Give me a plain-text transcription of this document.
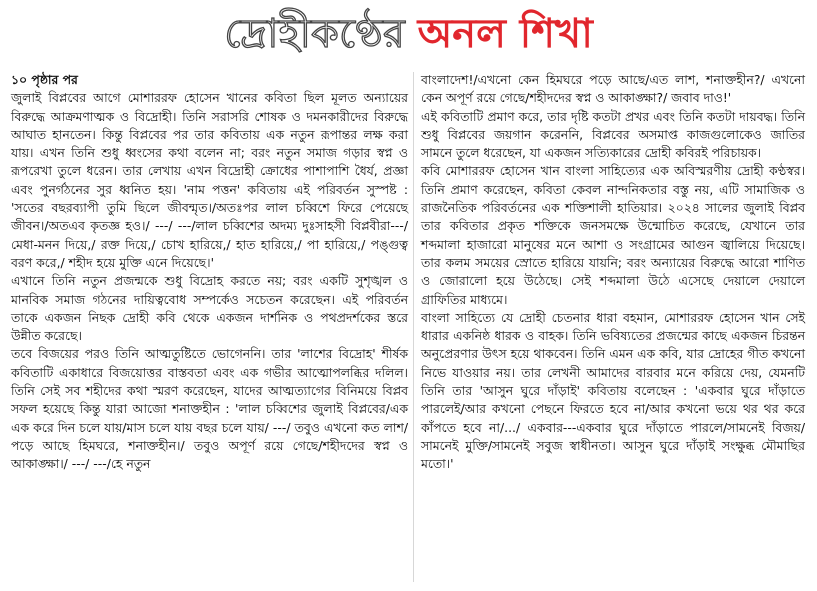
দ্রোহীকণ্ঠের অনল শিখা

১০ পৃষ্ঠার পর

জুলাই বিপ্লবের আগে মোশাররফ হোসেন খানের কবিতা ছিল মূলত অন্যায়ের বিরুদ্ধে আক্রমণাত্মক ও বিদ্রোহী। তিনি সরাসরি শোষক ও দমনকারীদের বিরুদ্ধে আঘাত হানতেন। কিন্তু বিপ্লবের পর তার কবিতায় এক নতুন রূপান্তর লক্ষ করা যায়। এখন তিনি শুধু ধ্বংসের কথা বলেন না; বরং নতুন সমাজ গড়ার স্বপ্ন ও রূপরেখা তুলে ধরেন। তার লেখায় এখন বিদ্রোহী ক্রোধের পাশাপাশি ধৈর্য, প্রজ্ঞা এবং পুনর্গঠনের সুর ধ্বনিত হয়। 'নাম পত্তন' কবিতায় এই পরিবর্তন সুস্পষ্ট : 'সতের বছরব্যাপী তুমি ছিলে জীবন্মৃত।/অতঃপর লাল চব্বিশে ফিরে পেয়েছে জীবন।/অতএব কৃতজ্ঞ হও।/ ---/ ---/লাল চব্বিশের অদম্য দুঃসাহসী বিপ্লবীরা---/মেধা-মনন দিয়ে,/ রক্ত দিয়ে,/ চোখ হারিয়ে,/ হাত হারিয়ে,/ পা হারিয়ে,/ পঙ্গুত্ব বরণ করে,/ শহীদ হয়ে মুক্তি এনে দিয়েছে।'

এখানে তিনি নতুন প্রজন্মকে শুধু বিদ্রোহ করতে নয়; বরং একটি সুশৃঙ্খল ও মানবিক সমাজ গঠনের দায়িত্ববোধ সম্পর্কেও সচেতন করেছেন। এই পরিবর্তন তাকে একজন নিছক দ্রোহী কবি থেকে একজন দার্শনিক ও পথপ্রদর্শকের স্তরে উন্নীত করেছে।

তবে বিজয়ের পরও তিনি আত্মতুষ্টিতে ভোগেননি। তার 'লাশের বিদ্রোহ' শীর্ষক কবিতাটি একাধারে বিজয়োত্তর বাস্তবতা এবং এক গভীর আত্মোপলব্ধির দলিল। তিনি সেই সব শহীদের কথা স্মরণ করেছেন, যাদের আত্মত্যাগের বিনিময়ে বিপ্লব সফল হয়েছে কিন্তু যারা আজো শনাক্তহীন : 'লাল চব্বিশের জুলাই বিপ্লবের/এক এক করে দিন চলে যায়/মাস চলে যায় বছর চলে যায়/ ---/ তবুও এখনো কত লাশ/পড়ে আছে হিমঘরে, শনাক্তহীন।/ তবুও অপূর্ণ রয়ে গেছে/শহীদদের স্বপ্ন ও আকাঙ্ক্ষা।/ ---/ ---/হে নতুন

বাংলাদেশ!/এখনো কেন হিমঘরে পড়ে আছে/এত লাশ, শনাক্তহীন?/ এখনো কেন অপূর্ণ রয়ে গেছে/শহীদদের স্বপ্ন ও আকাঙ্ক্ষা?/ জবাব দাও!'

এই কবিতাটি প্রমাণ করে, তার দৃষ্টি কতটা প্রখর এবং তিনি কতটা দায়বদ্ধ। তিনি শুধু বিপ্লবের জয়গান করেননি, বিপ্লবের অসমাপ্ত কাজগুলোকেও জাতির সামনে তুলে ধরেছেন, যা একজন সত্যিকারের দ্রোহী কবিরই পরিচায়ক।

কবি মোশাররফ হোসেন খান বাংলা সাহিত্যের এক অবিস্মরণীয় দ্রোহী কণ্ঠস্বর। তিনি প্রমাণ করেছেন, কবিতা কেবল নান্দনিকতার বস্তু নয়, এটি সামাজিক ও রাজনৈতিক পরিবর্তনের এক শক্তিশালী হাতিয়ার। ২০২৪ সালের জুলাই বিপ্লব তার কবিতার প্রকৃত শক্তিকে জনসমক্ষে উন্মোচিত করেছে, যেখানে তার শব্দমালা হাজারো মানুষের মনে আশা ও সংগ্রামের আগুন জ্বালিয়ে দিয়েছে। তার কলম সময়ের স্রোতে হারিয়ে যায়নি; বরং অন্যায়ের বিরুদ্ধে আরো শাণিত ও জোরালো হয়ে উঠেছে। সেই শব্দমালা উঠে এসেছে দেয়ালে দেয়ালে গ্রাফিতির মাধ্যমে।

বাংলা সাহিত্যে যে দ্রোহী চেতনার ধারা বহমান, মোশাররফ হোসেন খান সেই ধারার একনিষ্ঠ ধারক ও বাহক। তিনি ভবিষ্যতের প্রজন্মের কাছে একজন চিরন্তন অনুপ্রেরণার উৎস হয়ে থাকবেন। তিনি এমন এক কবি, যার দ্রোহের গীত কখনো নিভে যাওয়ার নয়। তার লেখনী আমাদের বারবার মনে করিয়ে দেয়, যেমনটি তিনি তার 'আসুন ঘুরে দাঁড়াই' কবিতায় বলেছেন : 'একবার ঘুরে দাঁড়াতে পারলেই/আর কখনো পেছনে ফিরতে হবে না/আর কখনো ভয়ে থর থর করে কাঁপতে হবে না/.../ একবার---একবার ঘুরে দাঁড়াতে পারলে/সামনেই বিজয়/সামনেই মুক্তি/সামনেই সবুজ স্বাধীনতা। আসুন ঘুরে দাঁড়াই সংক্ষুব্ধ মৌমাছির মতো।'
